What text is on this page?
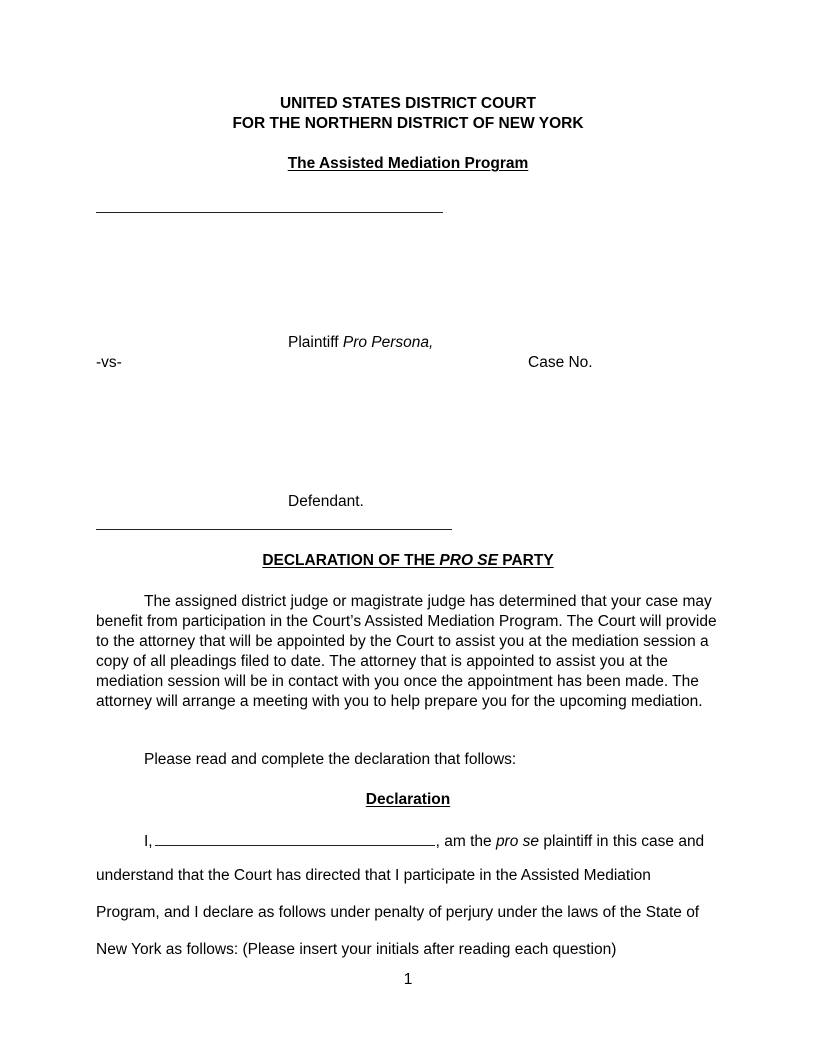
UNITED STATES DISTRICT COURT
FOR THE NORTHERN DISTRICT OF NEW YORK
The Assisted Mediation Program
Plaintiff Pro Persona,
-vs-	Case No.
Defendant.
DECLARATION OF THE PRO SE PARTY
The assigned district judge or magistrate judge has determined that your case may benefit from participation in the Court’s Assisted Mediation Program. The Court will provide to the attorney that will be appointed by the Court to assist you at the mediation session a copy of all pleadings filed to date. The attorney that is appointed to assist you at the mediation session will be in contact with you once the appointment has been made. The attorney will arrange a meeting with you to help prepare you for the upcoming mediation.
Please read and complete the declaration that follows:
Declaration
I,	, am the pro se plaintiff in this case and
understand that the Court has directed that I participate in the Assisted Mediation
Program, and I declare as follows under penalty of perjury under the laws of the State of
New York as follows: (Please insert your initials after reading each question)
1
